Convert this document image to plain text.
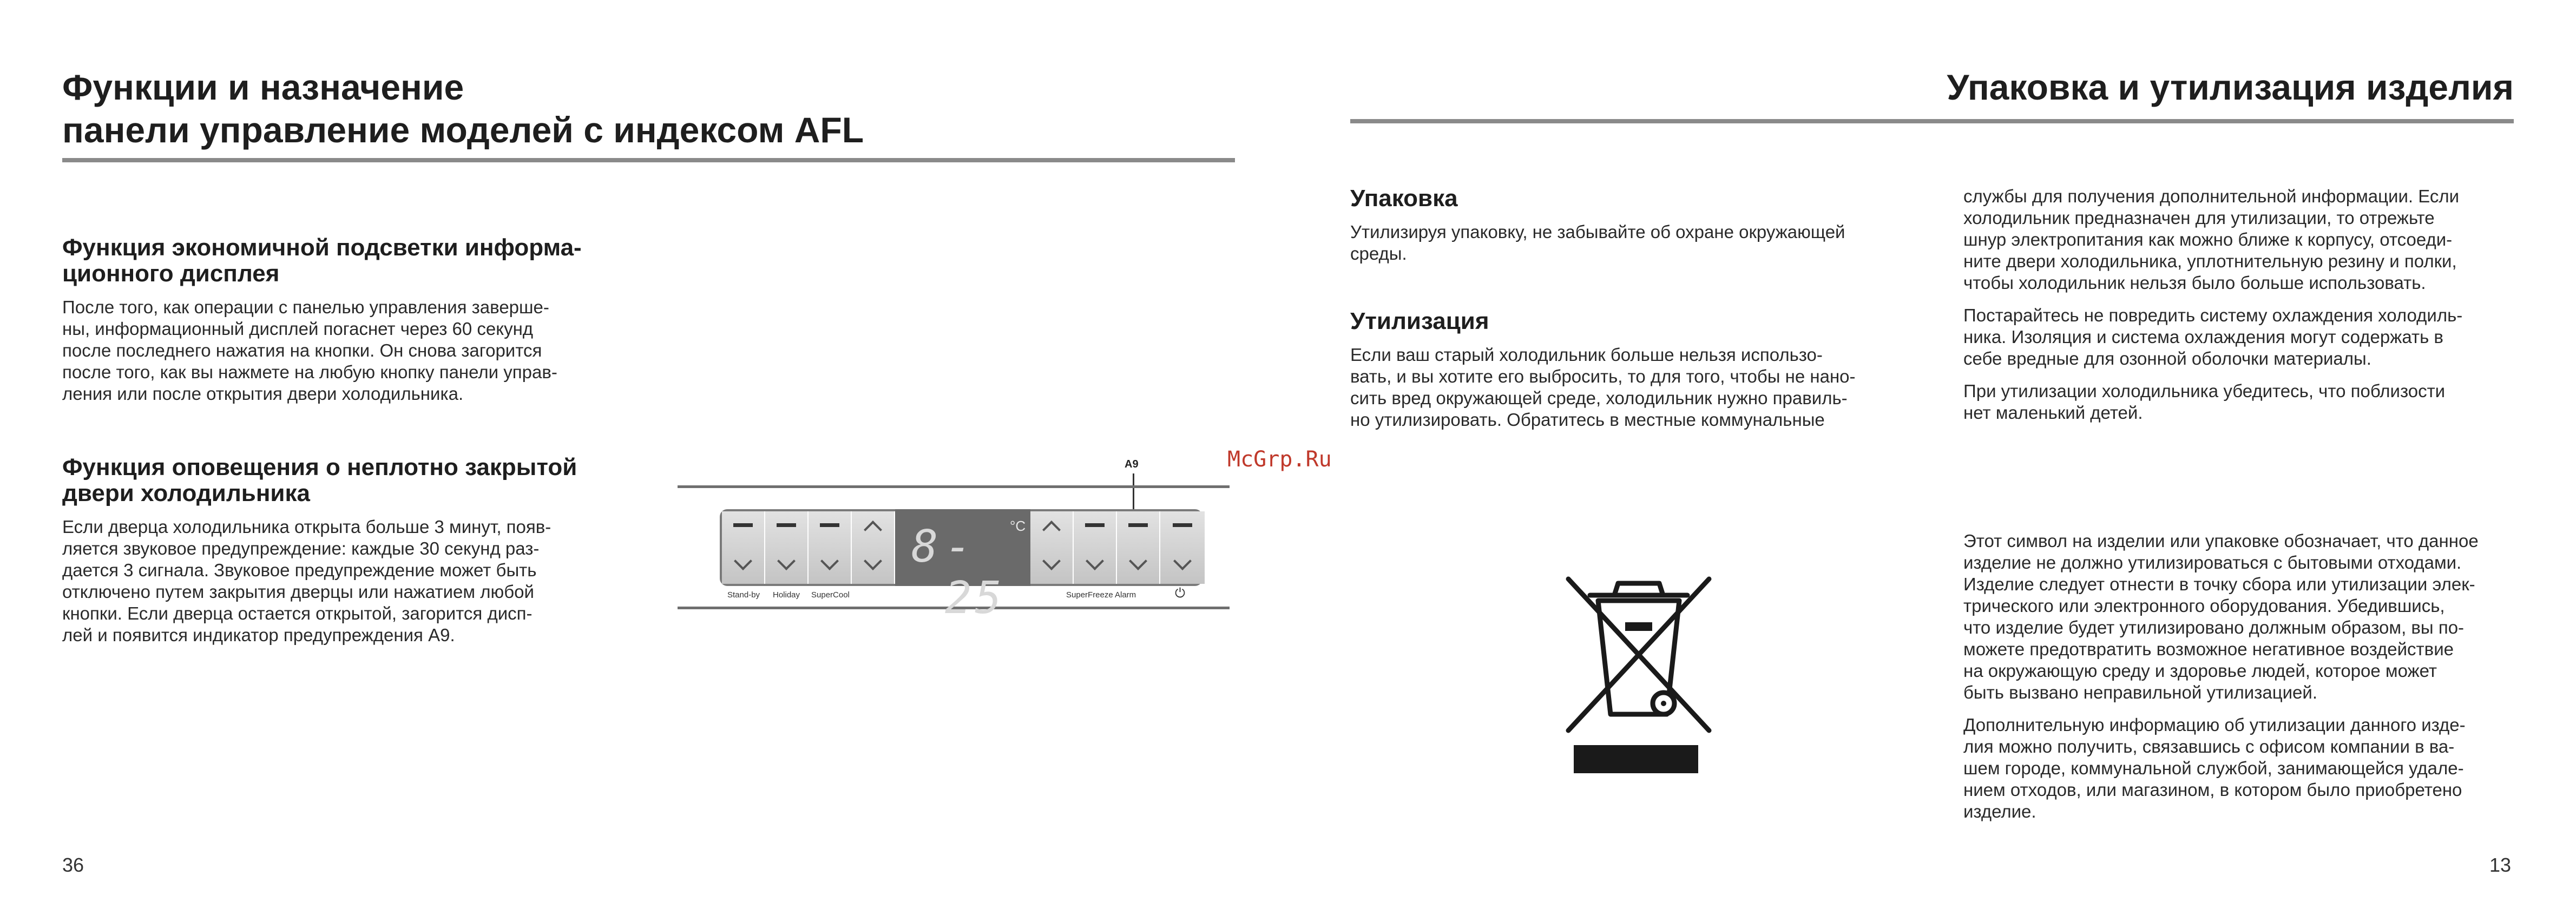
Функции и назначение
панели управление моделей с индексом AFL
Функция экономичной подсветки информа-
ционного дисплея

После того, как операции с панелью управления заверше-

ны, информационный дисплей погаснет через 60 секунд

после последнего нажатия на кнопки. Он снова загорится

после того, как вы нажмете на любую кнопку панели управ-

ления или после открытия двери холодильника.

Функция оповещения о неплотно закрытой
двери холодильника

Если дверца холодильника открыта больше 3 минут, появ-

ляется звуковое предупреждение: каждые 30 секунд раз-

дается 3 сигнала. Звуковое предупреждение может быть

отключено путем закрытия дверцы или нажатием любой

кнопки. Если дверца остается открытой, загорится дисп-

лей и появится индикатор предупреждения А9.

A9
8 - 25
°C
Stand-by Holiday SuperCool	SuperFreeze Alarm	⏻
McGrp.Ru
36
Упаковка и утилизация изделия
Упаковка

Утилизируя упаковку, не забывайте об охране окружающей

среды.

Утилизация

Если ваш старый холодильник больше нельзя использо-

вать, и вы хотите его выбросить, то для того, чтобы не нано-

сить вред окружающей среде, холодильник нужно правиль-

но утилизировать. Обратитесь в местные коммунальные

службы для получения дополнительной информации. Если

холодильник предназначен для утилизации, то отрежьте

шнур электропитания как можно ближе к корпусу, отсоеди-

ните двери холодильника, уплотнительную резину и полки,

чтобы холодильник нельзя было больше использовать.

Постарайтесь не повредить систему охлаждения холодиль-

ника. Изоляция и система охлаждения могут содержать в

себе вредные для озонной оболочки материалы.

При утилизации холодильника убедитесь, что поблизости

нет маленький детей.

Этот символ на изделии или упаковке обозначает, что данное

изделие не должно утилизироваться с бытовыми отходами.

Изделие следует отнести в точку сбора или утилизации элек-

трического или электронного оборудования. Убедившись,

что изделие будет утилизировано должным образом, вы по-

можете предотвратить возможное негативное воздействие

на окружающую среду и здоровье людей, которое может

быть вызвано неправильной утилизацией.

Дополнительную информацию об утилизации данного изде-

лия можно получить, связавшись с офисом компании в ва-

шем городе, коммунальной службой, занимающейся удале-

нием отходов, или магазином, в котором было приобретено

изделие.

13
